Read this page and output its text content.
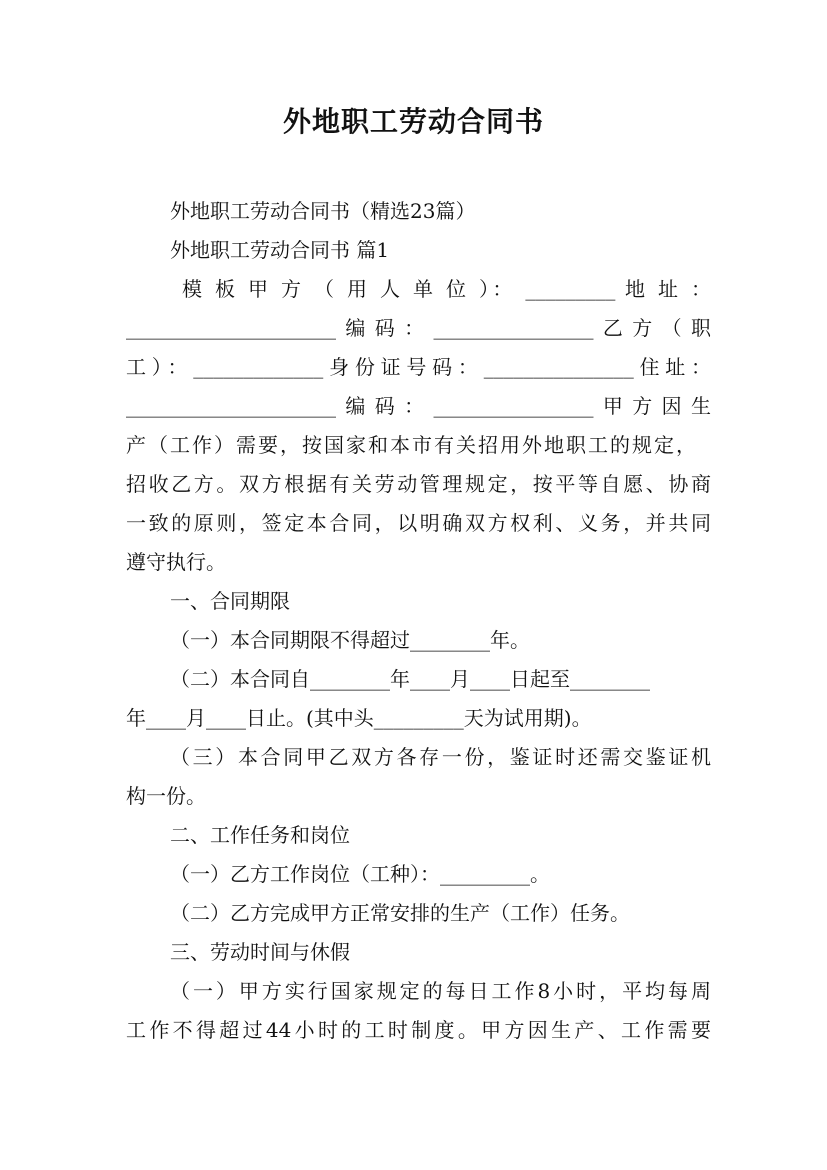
外地职工劳动合同书
外地职工劳动合同书（精选23篇）
外地职工劳动合同书 篇1
模 板 甲 方 （ 用 人 单 位 ）： _________ 地 址 ：
_____________________编码：________________乙方（职
工）：_____________身份证号码：_______________住址：
_____________________编码：________________甲方因生
产（工作）需要，按国家和本市有关招用外地职工的规定，
招收乙方。双方根据有关劳动管理规定，按平等自愿、协商
一致的原则，签定本合同，以明确双方权利、义务，并共同
遵守执行。
一、合同期限
（一）本合同期限不得超过________年。
（二）本合同自________年____月____日起至________
年____月____日止。(其中头_________天为试用期)。
（三）本合同甲乙双方各存一份，鉴证时还需交鉴证机
构一份。
二、工作任务和岗位
（一）乙方工作岗位（工种）：_________。
（二）乙方完成甲方正常安排的生产（工作）任务。
三、劳动时间与休假
（一）甲方实行国家规定的每日工作8小时，平均每周
工作不得超过44小时的工时制度。甲方因生产、工作需要
